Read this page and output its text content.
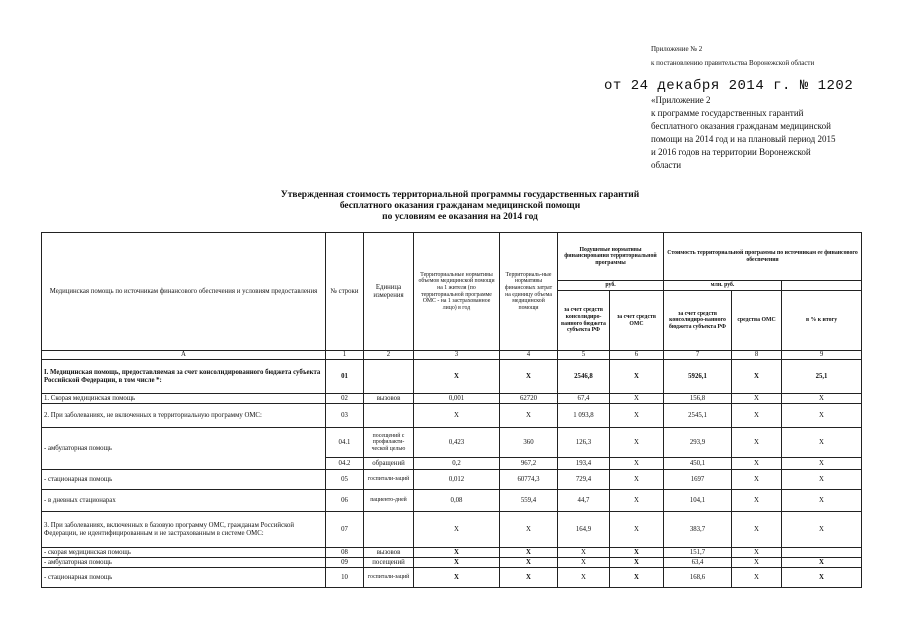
Приложение № 2
к постановлению правительства Воронежской области
от 24 декабря 2014 г. № 1202
«Приложение 2
к программе государственных гарантий
бесплатного оказания гражданам медицинской
помощи на 2014 год и на плановый период 2015
и 2016 годов на территории Воронежской
области
Утвержденная стоимость территориальной программы государственных гарантий
бесплатного оказания гражданам медицинской помощи
по условиям ее оказания на 2014 год
Медицинская помощь по источникам финансового обеспечения и условиям предоставления	№ строки	Единица измерения	Территориальные нормативы объемов медицинской помощи на 1 жителя (по территориальной программе ОМС - на 1 застрахованное лицо) в год	Территориаль-ные нормативы финансовых затрат на единицу объема медицинской помощи	Подушевые нормативы финансирования территориальной программы		Стоимость территориальной программы по источникам ее финансового обеспечения		
					руб.		млн. руб.		
					за счет средств консолидиро-ванного бюджета субъекта РФ	за счет средств ОМС	за счет средств консолидиро-ванного бюджета субъекта РФ	средства ОМС	в % к итогу
А	1	2	3	4	5	6	7	8	9
I. Медицинская помощь, предоставляемая за счет консолидированного бюджета субъекта Российской Федерации, в том числе *:	01		X	X	2546,8	X	5926,1	X	25,1
1. Скорая медицинская помощь	02	вызовов	0,001	62720	67,4	X	156,8	X	X
2. При заболеваниях, не включенных в территориальную программу ОМС:	03		X	X	1 093,8	X	2545,1	X	X
- амбулаторная помощь	04.1	посещений с профилакти-ческой целью	0,423	360	126,3	X	293,9	X	X
	04.2	обращений	0,2	967,2	193,4	X	450,1	X	X
- стационарная помощь	05	госпитали-заций	0,012	60774,3	729,4	X	1697	X	X
- в дневных стационарах	06	пациенто-дней	0,08	559,4	44,7	X	104,1	X	X
3. При заболеваниях, включенных в базовую программу ОМС, гражданам Российской Федерации, не идентифицированным и не застрахованным в системе ОМС:	07		X	X	164,9	X	383,7	X	X
- скорая медицинская помощь	08	вызовов	X	X	X	X	151,7	X	
- амбулаторная помощь	09	посещений	X	X	X	X	63,4	X	X
- стационарная помощь	10	госпитали-заций	X	X	X	X	168,6	X	X
